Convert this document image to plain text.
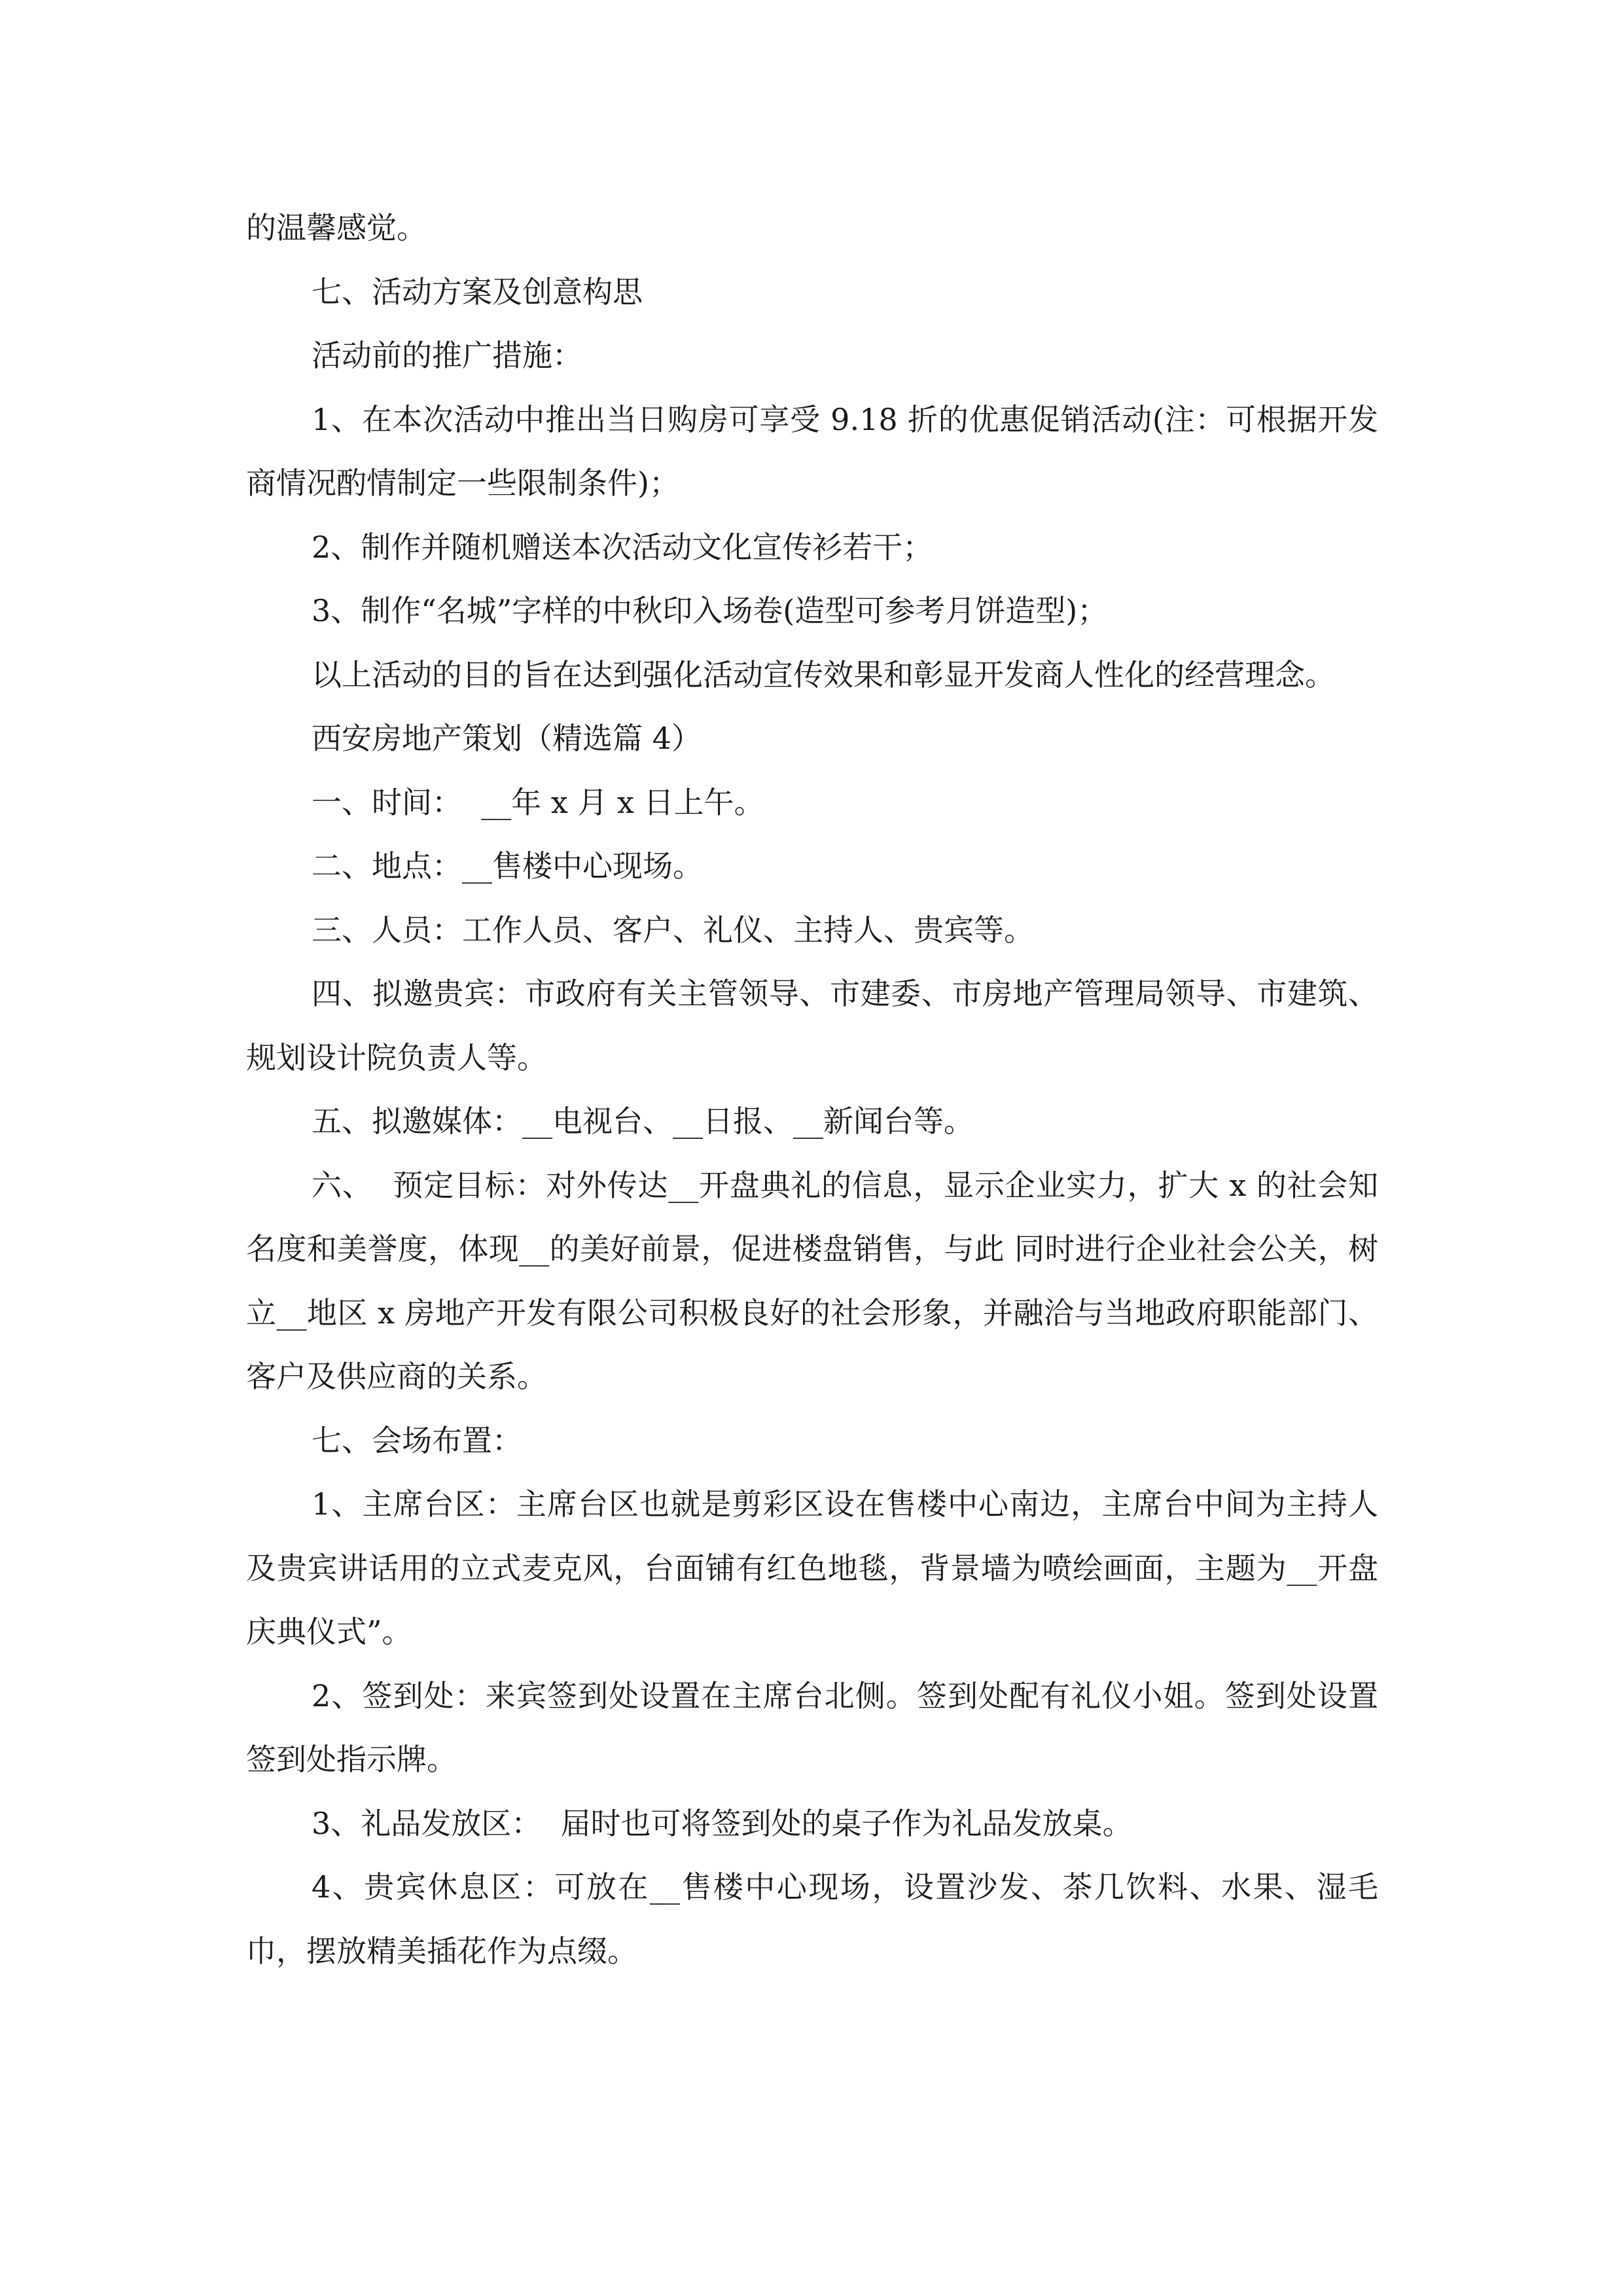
的温馨感觉。

七、活动方案及创意构思

活动前的推广措施：

1、在本次活动中推出当日购房可享受 9.18 折的优惠促销活动(注：可根据开发商情况酌情制定一些限制条件)；

2、制作并随机赠送本次活动文化宣传衫若干；

3、制作“名城”字样的中秋印入场卷(造型可参考月饼造型)；

以上活动的目的旨在达到强化活动宣传效果和彰显开发商人性化的经营理念。

西安房地产策划（精选篇 4）

一、时间：  __年 x 月 x 日上午。

二、地点：__售楼中心现场。

三、人员：工作人员、客户、礼仪、主持人、贵宾等。

四、拟邀贵宾：市政府有关主管领导、市建委、市房地产管理局领导、市建筑、规划设计院负责人等。

五、拟邀媒体：__电视台、__日报、__新闻台等。

六、  预定目标：对外传达__开盘典礼的信息，显示企业实力，扩大 x 的社会知名度和美誉度，体现__的美好前景，促进楼盘销售，与此 同时进行企业社会公关，树立__地区 x 房地产开发有限公司积极良好的社会形象，并融洽与当地政府职能部门、客户及供应商的关系。

七、会场布置：

1、主席台区：主席台区也就是剪彩区设在售楼中心南边，主席台中间为主持人及贵宾讲话用的立式麦克风，台面铺有红色地毯，背景墙为喷绘画面，主题为__开盘庆典仪式”。

2、签到处：来宾签到处设置在主席台北侧。签到处配有礼仪小姐。签到处设置签到处指示牌。

3、礼品发放区：  届时也可将签到处的桌子作为礼品发放桌。

4、贵宾休息区：可放在__售楼中心现场，设置沙发、茶几饮料、水果、湿毛巾，摆放精美插花作为点缀。
